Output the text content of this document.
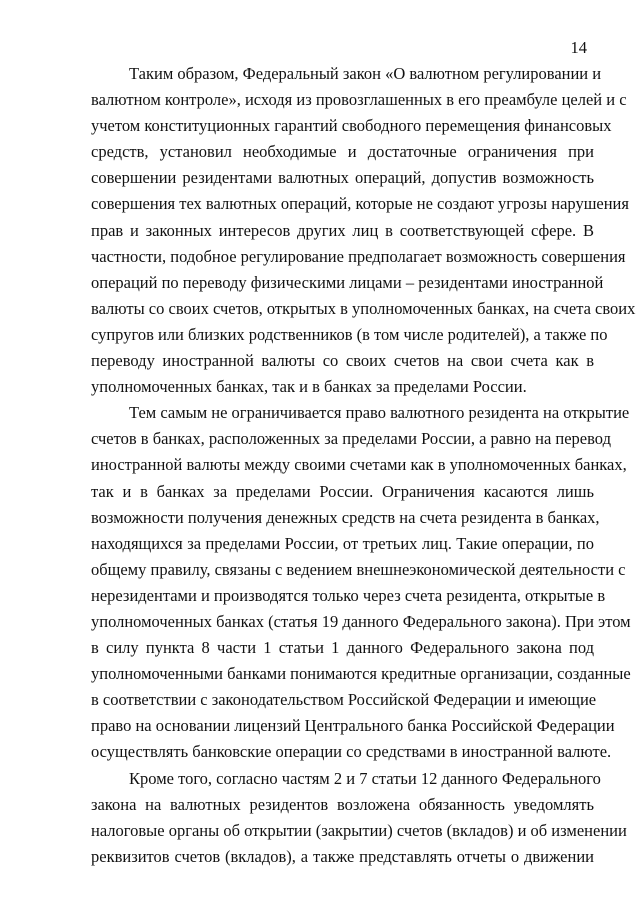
14

Таким образом, Федеральный закон «О валютном регулировании и
валютном контроле», исходя из провозглашенных в его преамбуле целей и с
учетом конституционных гарантий свободного перемещения финансовых
средств, установил необходимые и достаточные ограничения при
совершении резидентами валютных операций, допустив возможность
совершения тех валютных операций, которые не создают угрозы нарушения
прав и законных интересов других лиц в соответствующей сфере. В
частности, подобное регулирование предполагает возможность совершения
операций по переводу физическими лицами – резидентами иностранной
валюты со своих счетов, открытых в уполномоченных банках, на счета своих
супругов или близких родственников (в том числе родителей), а также по
переводу иностранной валюты со своих счетов на свои счета как в
уполномоченных банках, так и в банках за пределами России.

Тем самым не ограничивается право валютного резидента на открытие
счетов в банках, расположенных за пределами России, а равно на перевод
иностранной валюты между своими счетами как в уполномоченных банках,
так и в банках за пределами России. Ограничения касаются лишь
возможности получения денежных средств на счета резидента в банках,
находящихся за пределами России, от третьих лиц. Такие операции, по
общему правилу, связаны с ведением внешнеэкономической деятельности с
нерезидентами и производятся только через счета резидента, открытые в
уполномоченных банках (статья 19 данного Федерального закона). При этом
в силу пункта 8 части 1 статьи 1 данного Федерального закона под
уполномоченными банками понимаются кредитные организации, созданные
в соответствии с законодательством Российской Федерации и имеющие
право на основании лицензий Центрального банка Российской Федерации
осуществлять банковские операции со средствами в иностранной валюте.

Кроме того, согласно частям 2 и 7 статьи 12 данного Федерального
закона на валютных резидентов возложена обязанность уведомлять
налоговые органы об открытии (закрытии) счетов (вкладов) и об изменении
реквизитов счетов (вкладов), а также представлять отчеты о движении
